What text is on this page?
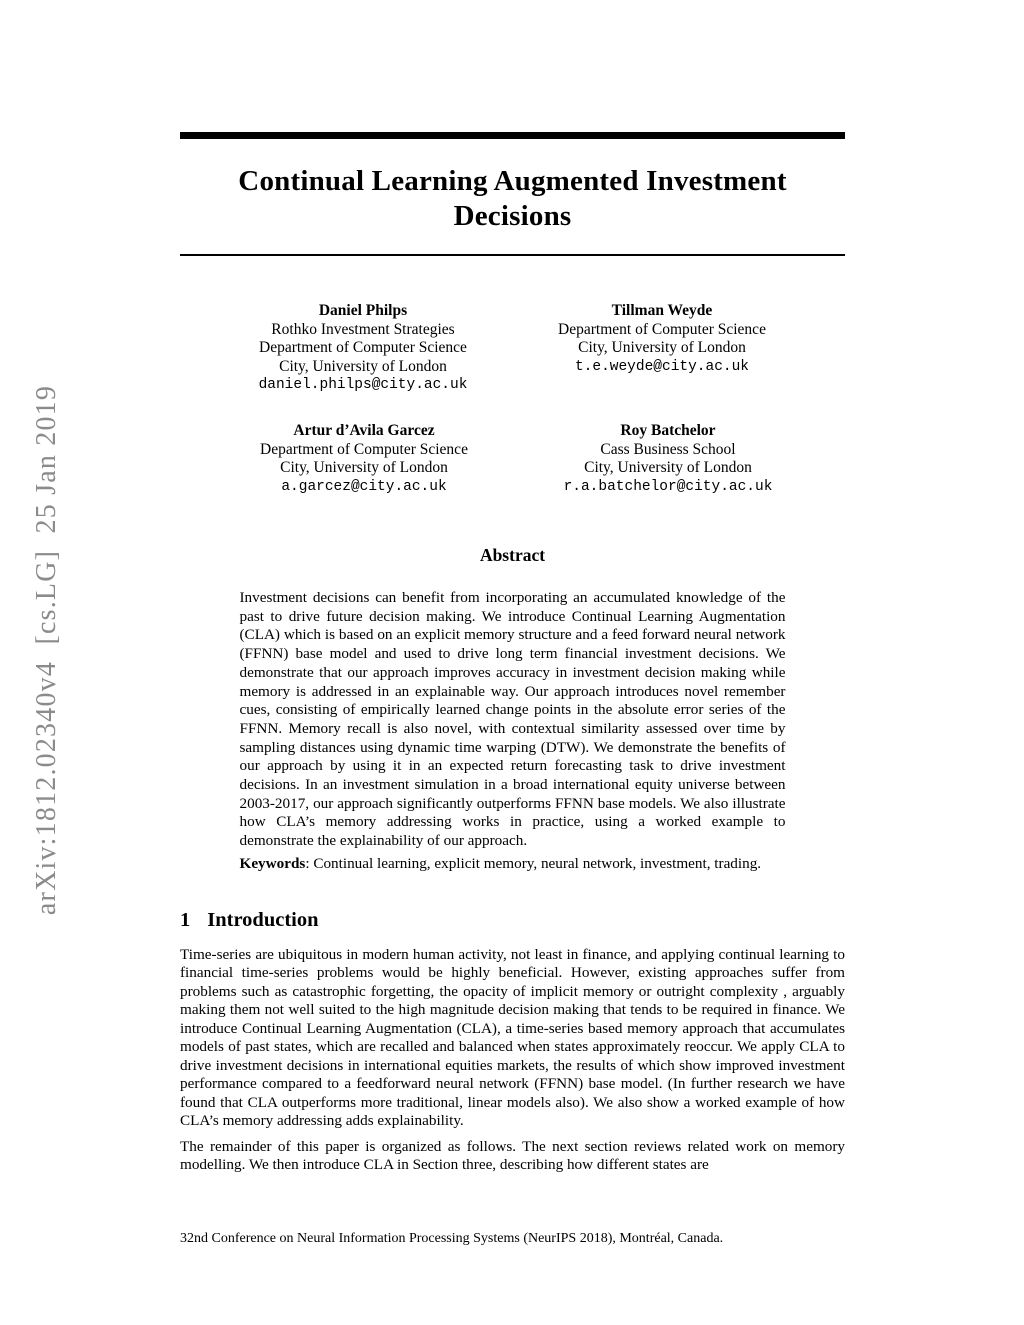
arXiv:1812.02340v4  [cs.LG]  25 Jan 2019
Continual Learning Augmented Investment Decisions
Daniel Philps
Rothko Investment Strategies
Department of Computer Science
City, University of London
daniel.philps@city.ac.uk
Tillman Weyde
Department of Computer Science
City, University of London
t.e.weyde@city.ac.uk
Artur d’Avila Garcez
Department of Computer Science
City, University of London
a.garcez@city.ac.uk
Roy Batchelor
Cass Business School
City, University of London
r.a.batchelor@city.ac.uk
Abstract

Investment decisions can benefit from incorporating an accumulated knowledge of the past to drive future decision making. We introduce Continual Learning Augmentation (CLA) which is based on an explicit memory structure and a feed forward neural network (FFNN) base model and used to drive long term financial investment decisions. We demonstrate that our approach improves accuracy in investment decision making while memory is addressed in an explainable way. Our approach introduces novel remember cues, consisting of empirically learned change points in the absolute error series of the FFNN. Memory recall is also novel, with contextual similarity assessed over time by sampling distances using dynamic time warping (DTW). We demonstrate the benefits of our approach by using it in an expected return forecasting task to drive investment decisions. In an investment simulation in a broad international equity universe between 2003-2017, our approach significantly outperforms FFNN base models. We also illustrate how CLA’s memory addressing works in practice, using a worked example to demonstrate the explainability of our approach.

Keywords: Continual learning, explicit memory, neural network, investment, trading.

1 Introduction

Time-series are ubiquitous in modern human activity, not least in finance, and applying continual learning to financial time-series problems would be highly beneficial. However, existing approaches suffer from problems such as catastrophic forgetting, the opacity of implicit memory or outright complexity , arguably making them not well suited to the high magnitude decision making that tends to be required in finance. We introduce Continual Learning Augmentation (CLA), a time-series based memory approach that accumulates models of past states, which are recalled and balanced when states approximately reoccur. We apply CLA to drive investment decisions in international equities markets, the results of which show improved investment performance compared to a feedforward neural network (FFNN) base model. (In further research we have found that CLA outperforms more traditional, linear models also). We also show a worked example of how CLA’s memory addressing adds explainability.

The remainder of this paper is organized as follows. The next section reviews related work on memory modelling. We then introduce CLA in Section three, describing how different states are

32nd Conference on Neural Information Processing Systems (NeurIPS 2018), Montréal, Canada.
